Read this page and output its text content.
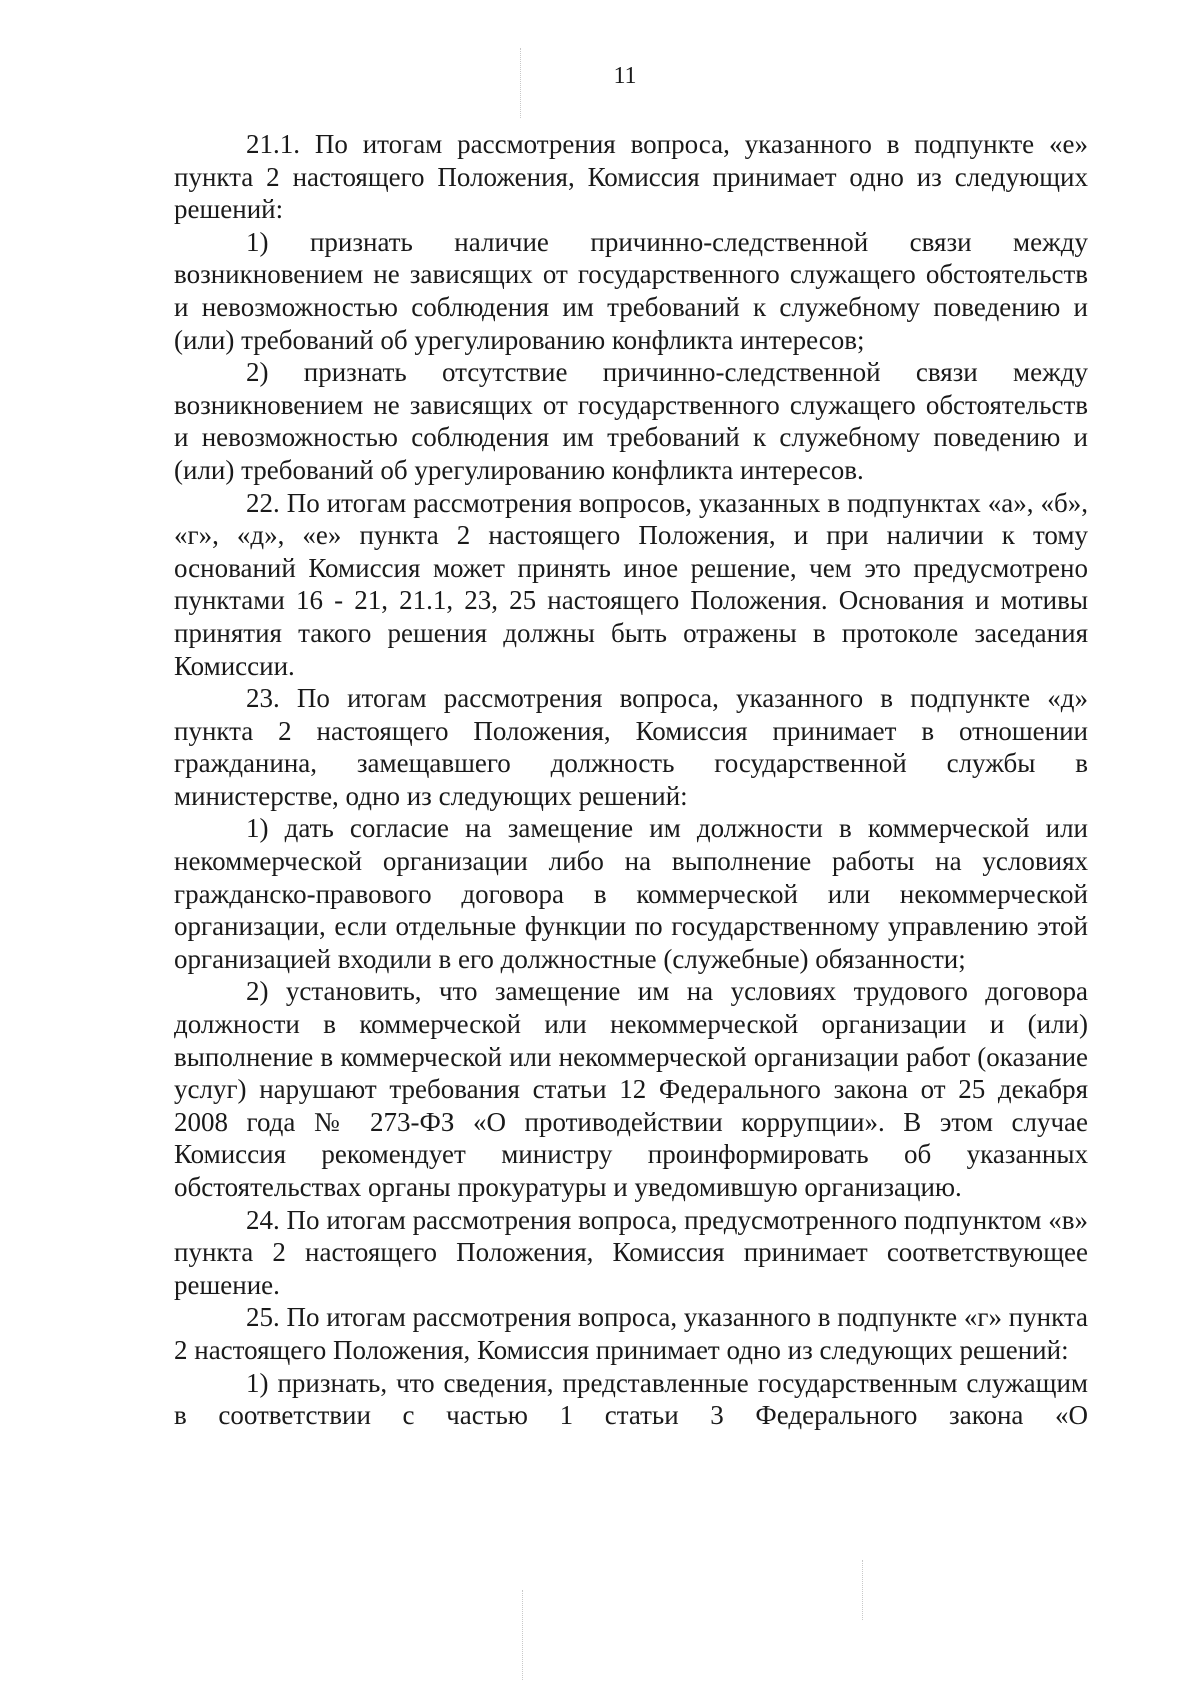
11

21.1. По итогам рассмотрения вопроса, указанного в подпункте «е» пункта 2 настоящего Положения, Комиссия принимает одно из следующих решений:

1) признать наличие причинно-следственной связи между возникновением не зависящих от государственного служащего обстоятельств и невозможностью соблюдения им требований к служебному поведению и (или) требований об урегулированию конфликта интересов;

2) признать отсутствие причинно-следственной связи между возникновением не зависящих от государственного служащего обстоятельств и невозможностью соблюдения им требований к служебному поведению и (или) требований об урегулированию конфликта интересов.

22. По итогам рассмотрения вопросов, указанных в подпунктах «а», «б», «г», «д», «е» пункта 2 настоящего Положения, и при наличии к тому оснований Комиссия может принять иное решение, чем это предусмотрено пунктами 16 - 21, 21.1, 23, 25 настоящего Положения. Основания и мотивы принятия такого решения должны быть отражены в протоколе заседания Комиссии.

23. По итогам рассмотрения вопроса, указанного в подпункте «д» пункта 2 настоящего Положения, Комиссия принимает в отношении гражданина, замещавшего должность государственной службы в министерстве, одно из следующих решений:

1) дать согласие на замещение им должности в коммерческой или некоммерческой организации либо на выполнение работы на условиях гражданско-правового договора в коммерческой или некоммерческой организации, если отдельные функции по государственному управлению этой организацией входили в его должностные (служебные) обязанности;

2) установить, что замещение им на условиях трудового договора должности в коммерческой или некоммерческой организации и (или) выполнение в коммерческой или некоммерческой организации работ (оказание услуг) нарушают требования статьи 12 Федерального закона от 25 декабря 2008 года № 273-ФЗ «О противодействии коррупции». В этом случае Комиссия рекомендует министру проинформировать об указанных обстоятельствах органы прокуратуры и уведомившую организацию.

24. По итогам рассмотрения вопроса, предусмотренного подпунктом «в» пункта 2 настоящего Положения, Комиссия принимает соответствующее решение.

25. По итогам рассмотрения вопроса, указанного в подпункте «г» пункта 2 настоящего Положения, Комиссия принимает одно из следующих решений:

1) признать, что сведения, представленные государственным служащим в соответствии с частью 1 статьи 3 Федерального закона «О
